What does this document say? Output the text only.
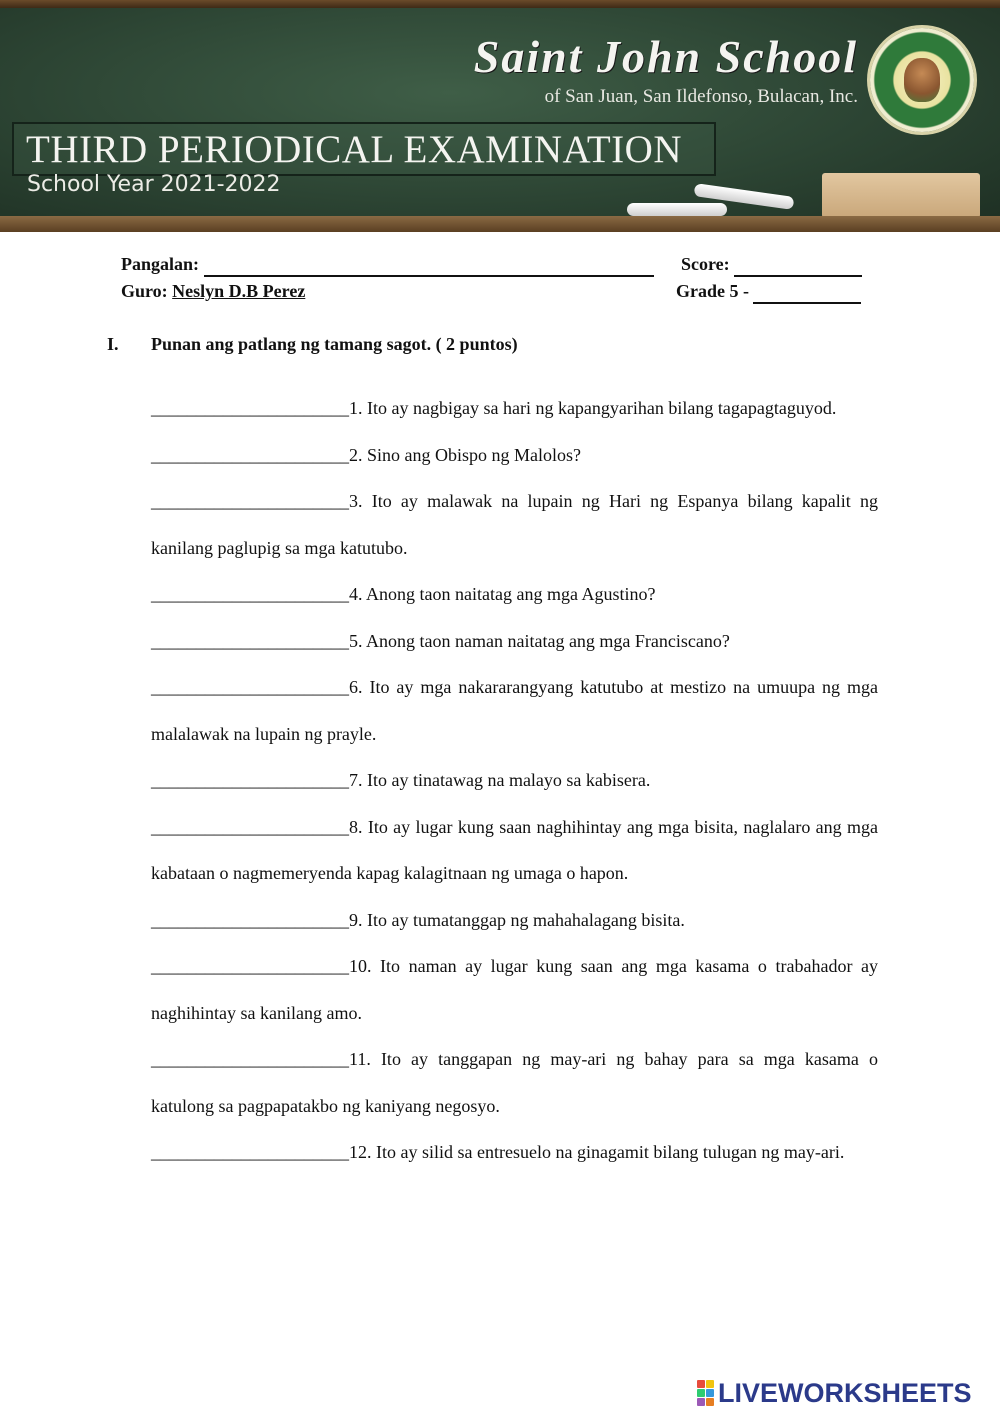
Saint John School
of San Juan, San Ildefonso, Bulacan, Inc.
THIRD PERIODICAL EXAMINATION
School Year 2021-2022
Pangalan:	Score:
Guro: Neslyn D.B Perez	Grade 5 -
I. Punan ang patlang ng tamang sagot. ( 2 puntos)
______________________1. Ito ay nagbigay sa hari ng kapangyarihan bilang tagapagtaguyod.
______________________2. Sino ang Obispo ng Malolos?
______________________3. Ito ay malawak na lupain ng Hari ng Espanya bilang kapalit ng kanilang paglupig sa mga katutubo.
______________________4. Anong taon naitatag ang mga Agustino?
______________________5. Anong taon naman naitatag ang mga Franciscano?
______________________6. Ito ay mga nakararangyang katutubo at mestizo na umuupa ng mga malalawak na lupain ng prayle.
______________________7. Ito ay tinatawag na malayo sa kabisera.
______________________8. Ito ay lugar kung saan naghihintay ang mga bisita, naglalaro ang mga kabataan o nagmemeryenda kapag kalagitnaan ng umaga o hapon.
______________________9. Ito ay tumatanggap ng mahahalagang bisita.
______________________10. Ito naman ay lugar kung saan ang mga kasama o trabahador ay naghihintay sa kanilang amo.
______________________11. Ito ay tanggapan ng may-ari ng bahay para sa mga kasama o katulong sa pagpapatakbo ng kaniyang negosyo.
______________________12. Ito ay silid sa entresuelo na ginagamit bilang tulugan ng may-ari.
LIVEWORKSHEETS
